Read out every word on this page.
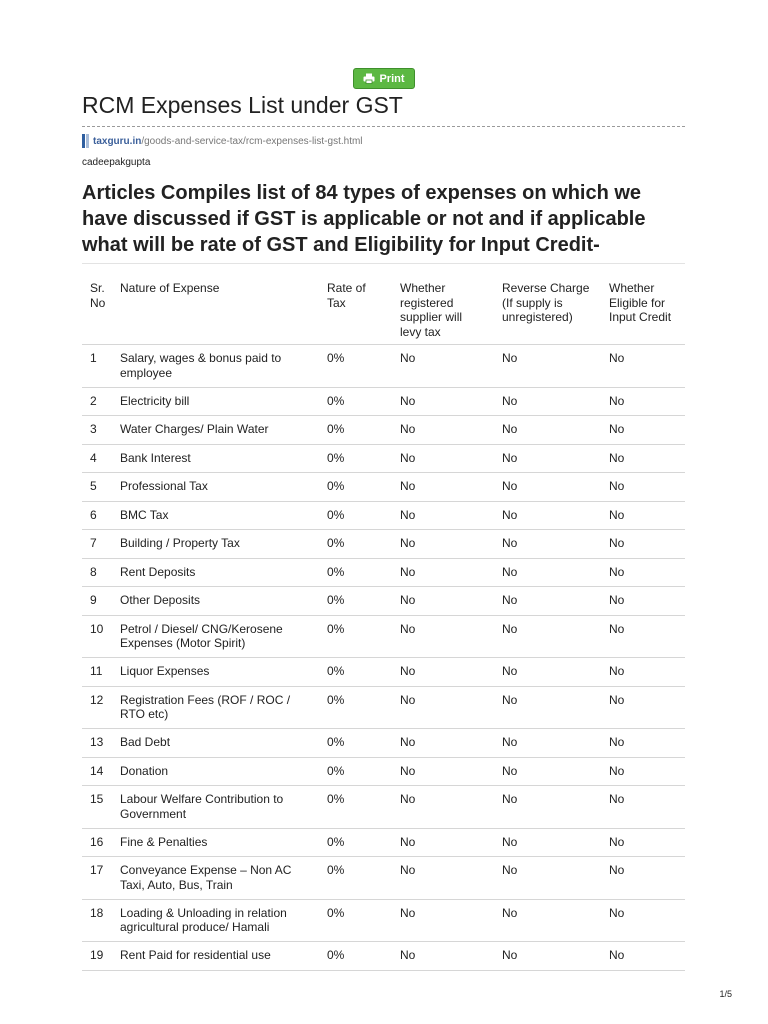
Print
RCM Expenses List under GST
taxguru.in /goods-and-service-tax/rcm-expenses-list-gst.html
cadeepakgupta
Articles Compiles list of 84 types of expenses on which we have discussed if GST is applicable or not and if applicable what will be rate of GST and Eligibility for Input Credit-
Sr. No	Nature of Expense	Rate of Tax	Whether registered supplier will levy tax	Reverse Charge (If supply is unregistered)	Whether Eligible for Input Credit
1	Salary, wages & bonus paid to employee	0%	No	No	No
2	Electricity bill	0%	No	No	No
3	Water Charges/ Plain Water	0%	No	No	No
4	Bank Interest	0%	No	No	No
5	Professional Tax	0%	No	No	No
6	BMC Tax	0%	No	No	No
7	Building / Property Tax	0%	No	No	No
8	Rent Deposits	0%	No	No	No
9	Other Deposits	0%	No	No	No
10	Petrol / Diesel/ CNG/Kerosene Expenses (Motor Spirit)	0%	No	No	No
11	Liquor Expenses	0%	No	No	No
12	Registration Fees (ROF / ROC / RTO etc)	0%	No	No	No
13	Bad Debt	0%	No	No	No
14	Donation	0%	No	No	No
15	Labour Welfare Contribution to Government	0%	No	No	No
16	Fine & Penalties	0%	No	No	No
17	Conveyance Expense – Non AC Taxi, Auto, Bus, Train	0%	No	No	No
18	Loading & Unloading in relation agricultural produce/ Hamali	0%	No	No	No
19	Rent Paid for residential use	0%	No	No	No
1/5
